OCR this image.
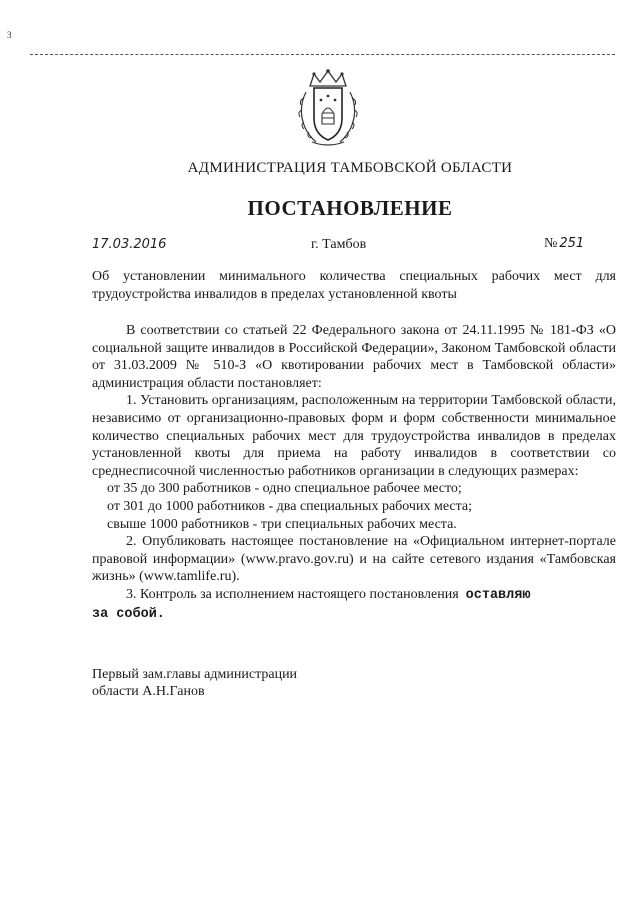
3
АДМИНИСТРАЦИЯ ТАМБОВСКОЙ ОБЛАСТИ
ПОСТАНОВЛЕНИЕ
17.03.2016	г. Тамбов	№ 251
Об установлении минимального количества специальных рабочих мест для трудоустройства инвалидов в пределах установленной квоты

В соответствии со статьей 22 Федерального закона от 24.11.1995 № 181-ФЗ «О социальной защите инвалидов в Российской Федерации», Законом Тамбовской области от 31.03.2009 № 510-З «О квотировании рабочих мест в Тамбовской области» администрация области постановляет:

1. Установить организациям, расположенным на территории Тамбовской области, независимо от организационно-правовых форм и форм собственности минимальное количество специальных рабочих мест для трудоустройства инвалидов в пределах установленной квоты для приема на работу инвалидов в соответствии со среднесписочной численностью работников организации в следующих размерах:

от 35 до 300 работников - одно специальное рабочее место;

от 301 до 1000 работников - два специальных рабочих места;

свыше 1000 работников - три специальных рабочих места.

2. Опубликовать настоящее постановление на «Официальном интернет-портале правовой информации» (www.pravo.gov.ru) и на сайте сетевого издания «Тамбовская жизнь» (www.tamlife.ru).

3. Контроль за исполнением настоящего постановления оставляю

за собой.

Первый зам.главы администрации
области А.Н.Ганов
